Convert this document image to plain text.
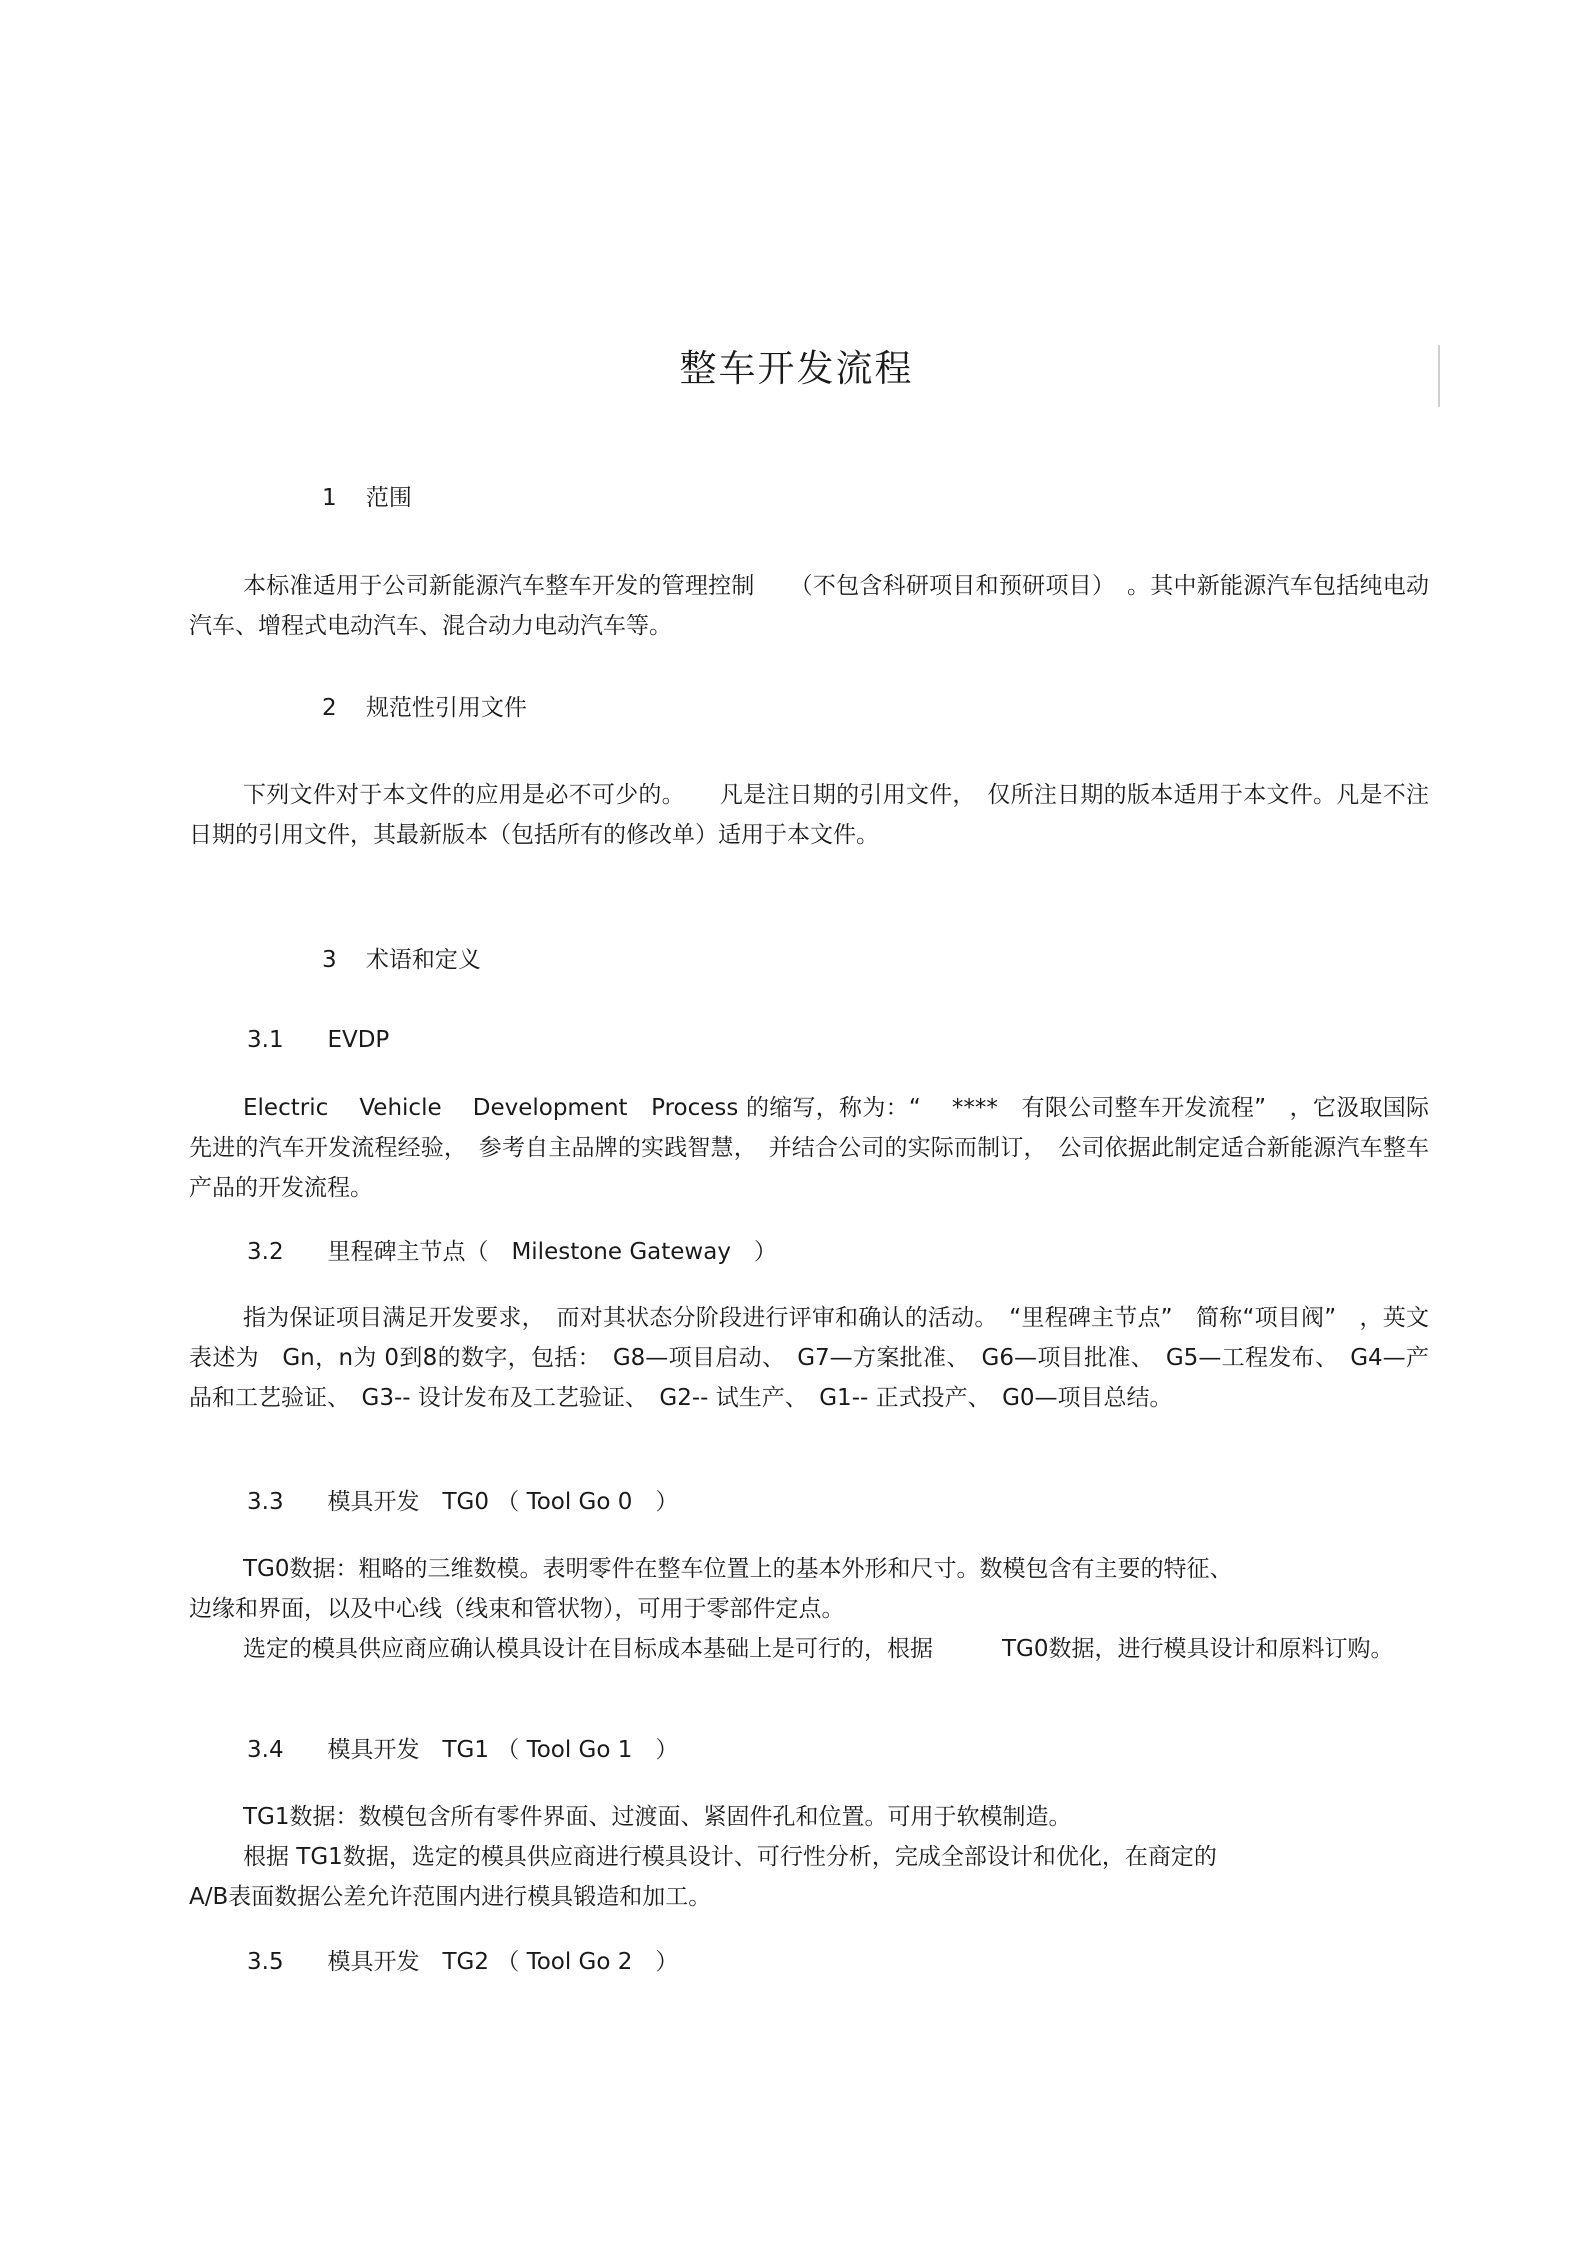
整车开发流程
1    范围
本标准适用于公司新能源汽车整车开发的管理控制　　（不包含科研项目和预研项目）　。其中新能源汽车包括纯电动汽车、增程式电动汽车、混合动力电动汽车等。
2    规范性引用文件
下列文件对于本文件的应用是必不可少的。　　凡是注日期的引用文件，　仅所注日期的版本适用于本文件。凡是不注日期的引用文件，其最新版本（包括所有的修改单）适用于本文件。
3    术语和定义
3.1      EVDP
Electric　 Vehicle　 Development　Process 的缩写，称为：“　 ****　有限公司整车开发流程”　，它汲取国际先进的汽车开发流程经验，　参考自主品牌的实践智慧，　并结合公司的实际而制订，　公司依据此制定适合新能源汽车整车产品的开发流程。
3.2      里程碑主节点（　Milestone Gateway　）
指为保证项目满足开发要求，　而对其状态分阶段进行评审和确认的活动。　“里程碑主节点”　简称“项目阀”　，英文表述为　Gn，n为 0到8的数字，包括：　G8—项目启动、　G7—方案批准、　G6—项目批准、　G5—工程发布、　G4—产品和工艺验证、　G3-- 设计发布及工艺验证、　G2-- 试生产、　G1-- 正式投产、　G0—项目总结。
3.3      模具开发　TG0 （ Tool Go 0　）
TG0数据：粗略的三维数模。表明零件在整车位置上的基本外形和尺寸。数模包含有主要的特征、
边缘和界面，以及中心线（线束和管状物），可用于零部件定点。
选定的模具供应商应确认模具设计在目标成本基础上是可行的，根据　　　TG0数据，进行模具设计和原料订购。
3.4      模具开发　TG1 （ Tool Go 1　）
TG1数据：数模包含所有零件界面、过渡面、紧固件孔和位置。可用于软模制造。
根据 TG1数据，选定的模具供应商进行模具设计、可行性分析，完成全部设计和优化，在商定的
A/B表面数据公差允许范围内进行模具锻造和加工。
3.5      模具开发　TG2 （ Tool Go 2　）
